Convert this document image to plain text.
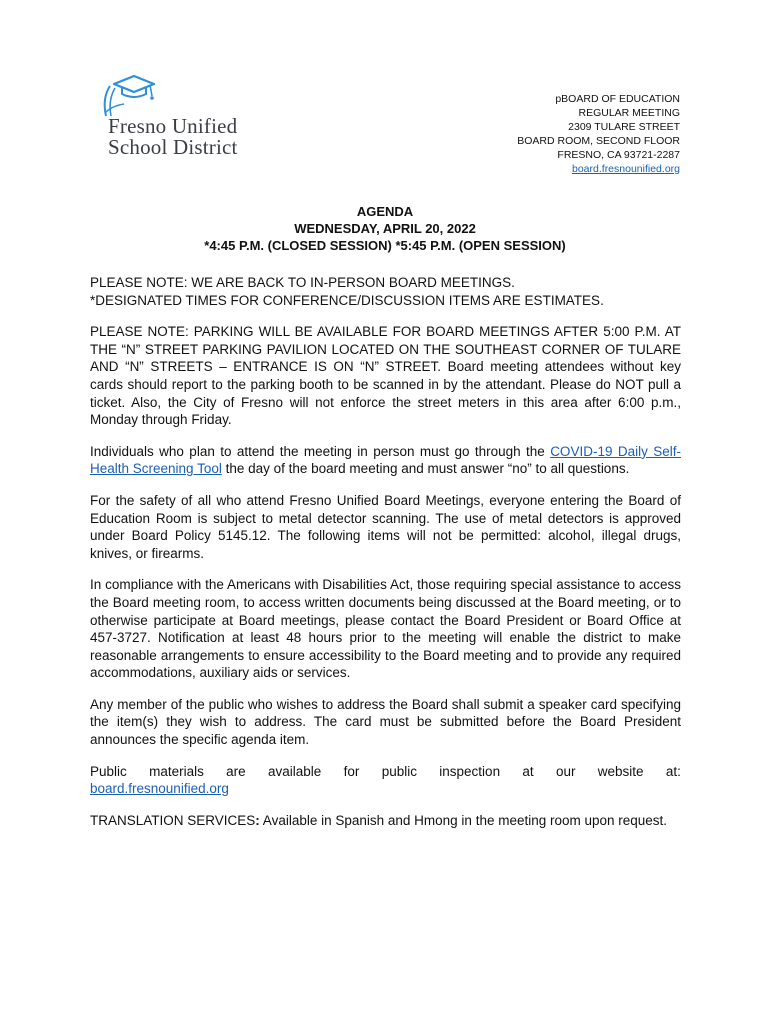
Fresno Unified
School District
pBOARD OF EDUCATION
REGULAR MEETING
2309 TULARE STREET
BOARD ROOM, SECOND FLOOR
FRESNO, CA 93721-2287
board.fresnounified.org
AGENDA
WEDNESDAY, APRIL 20, 2022
*4:45 P.M. (CLOSED SESSION) *5:45 P.M. (OPEN SESSION)

PLEASE NOTE: WE ARE BACK TO IN-PERSON BOARD MEETINGS.
*DESIGNATED TIMES FOR CONFERENCE/DISCUSSION ITEMS ARE ESTIMATES.

PLEASE NOTE: PARKING WILL BE AVAILABLE FOR BOARD MEETINGS AFTER 5:00 P.M. AT THE “N” STREET PARKING PAVILION LOCATED ON THE SOUTHEAST CORNER OF TULARE AND “N” STREETS – ENTRANCE IS ON “N” STREET. Board meeting attendees without key cards should report to the parking booth to be scanned in by the attendant. Please do NOT pull a ticket. Also, the City of Fresno will not enforce the street meters in this area after 6:00 p.m., Monday through Friday.

Individuals who plan to attend the meeting in person must go through the COVID-19 Daily Self-Health Screening Tool the day of the board meeting and must answer “no” to all questions.

For the safety of all who attend Fresno Unified Board Meetings, everyone entering the Board of Education Room is subject to metal detector scanning. The use of metal detectors is approved under Board Policy 5145.12. The following items will not be permitted: alcohol, illegal drugs, knives, or firearms.

In compliance with the Americans with Disabilities Act, those requiring special assistance to access the Board meeting room, to access written documents being discussed at the Board meeting, or to otherwise participate at Board meetings, please contact the Board President or Board Office at 457-3727. Notification at least 48 hours prior to the meeting will enable the district to make reasonable arrangements to ensure accessibility to the Board meeting and to provide any required accommodations, auxiliary aids or services.

Any member of the public who wishes to address the Board shall submit a speaker card specifying the item(s) they wish to address. The card must be submitted before the Board President announces the specific agenda item.

Public materials are available for public inspection at our website at:
board.fresnounified.org

TRANSLATION SERVICES: Available in Spanish and Hmong in the meeting room upon request.
